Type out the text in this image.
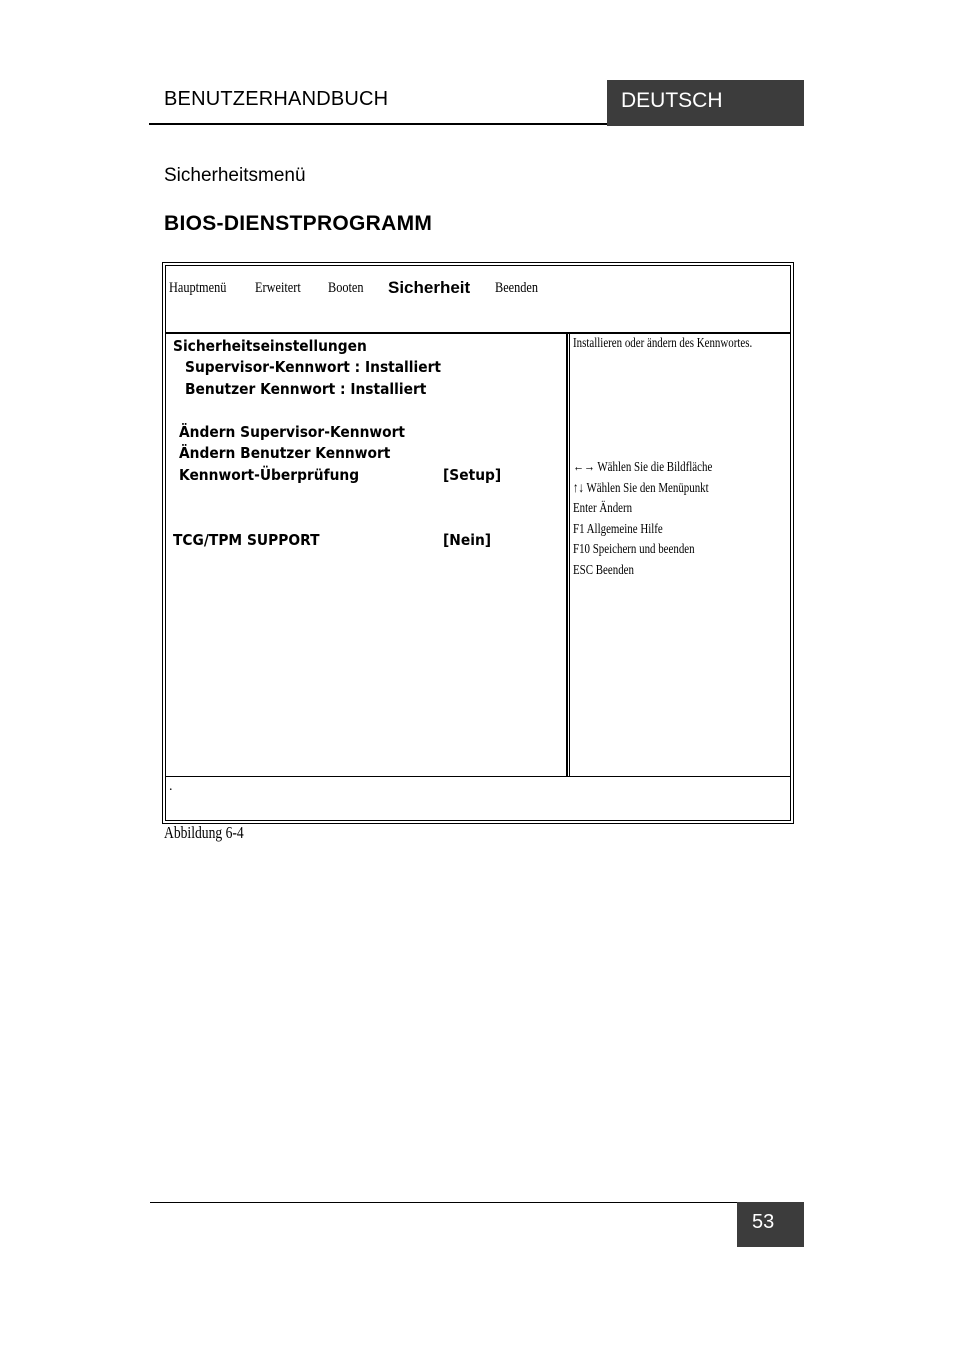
BENUTZERHANDBUCH	DEUTSCH
Sicherheitsmenü
BIOS-DIENSTPROGRAMM
Hauptmenü Erweitert Booten Sicherheit Beenden
Sicherheitseinstellungen
Supervisor-Kennwort : Installiert
Benutzer Kennwort : Installiert
Ändern Supervisor-Kennwort
Ändern Benutzer Kennwort
Kennwort-Überprüfung	[Setup]
TCG/TPM SUPPORT	[Nein]
Installieren oder ändern des Kennwortes.
←→ Wählen Sie die Bildfläche
↑↓ Wählen Sie den Menüpunkt
Enter Ändern
F1 Allgemeine Hilfe
F10 Speichern und beenden
ESC Beenden
.
Abbildung 6-4
53
